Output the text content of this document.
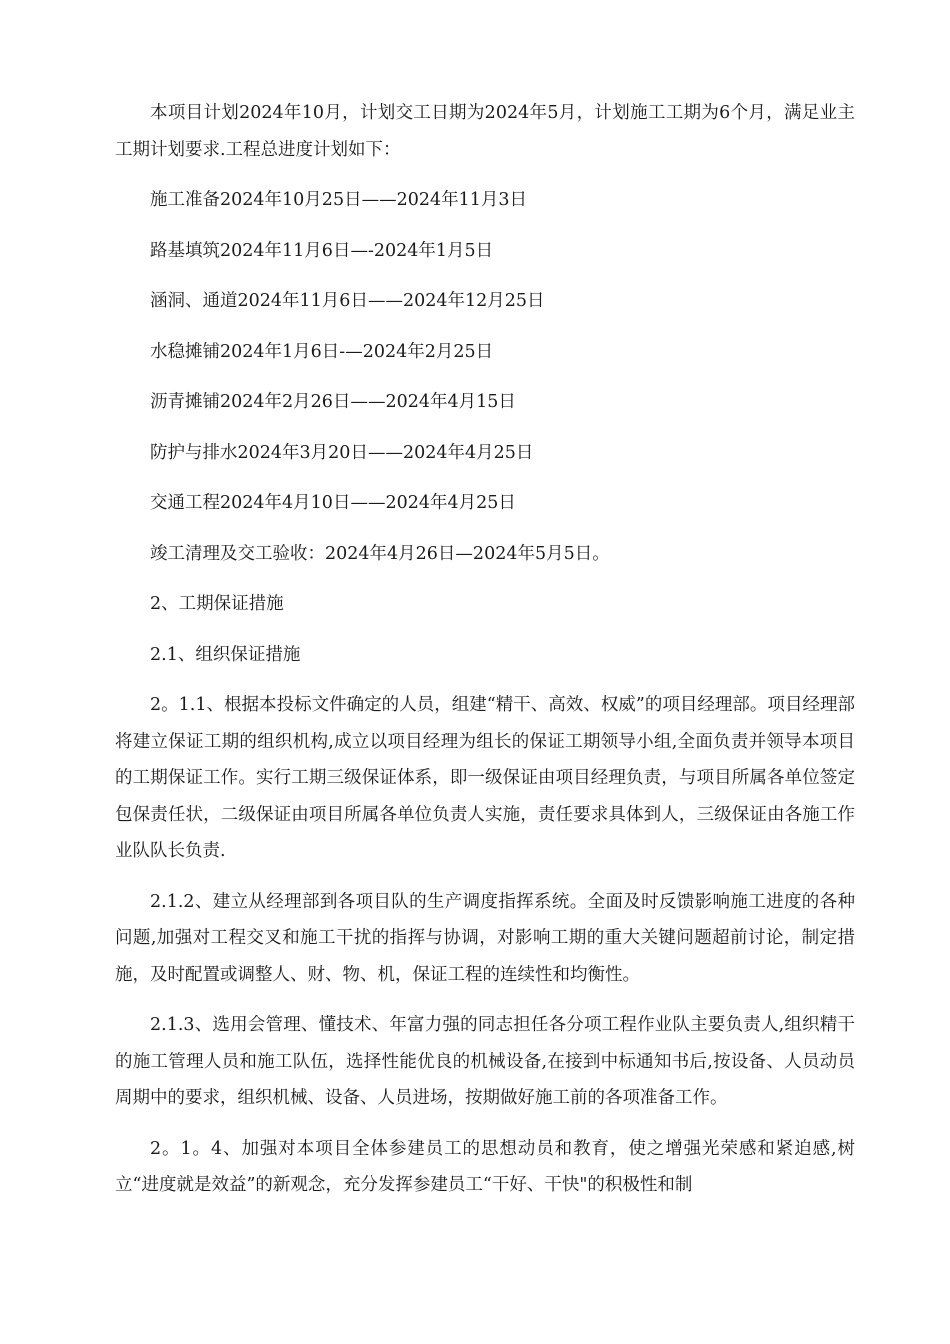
本项目计划2024年10月，计划交工日期为2024年5月，计划施工工期为6个月，满足业主工期计划要求.工程总进度计划如下：

施工准备2024年10月25日——2024年11月3日
路基填筑2024年11月6日—-2024年1月5日
涵洞、通道2024年11月6日——2024年12月25日
水稳摊铺2024年1月6日-—2024年2月25日
沥青摊铺2024年2月26日——2024年4月15日
防护与排水2024年3月20日——2024年4月25日
交通工程2024年4月10日——2024年4月25日
竣工清理及交工验收：2024年4月26日—2024年5月5日。
2、工期保证措施
2.1、组织保证措施

2。1.1、根据本投标文件确定的人员，组建“精干、高效、权威”的项目经理部。项目经理部将建立保证工期的组织机构,成立以项目经理为组长的保证工期领导小组,全面负责并领导本项目的工期保证工作。实行工期三级保证体系，即一级保证由项目经理负责，与项目所属各单位签定包保责任状，二级保证由项目所属各单位负责人实施，责任要求具体到人，三级保证由各施工作业队队长负责.

2.1.2、建立从经理部到各项目队的生产调度指挥系统。全面及时反馈影响施工进度的各种问题,加强对工程交叉和施工干扰的指挥与协调，对影响工期的重大关键问题超前讨论，制定措施，及时配置或调整人、财、物、机，保证工程的连续性和均衡性。

2.1.3、选用会管理、懂技术、年富力强的同志担任各分项工程作业队主要负责人,组织精干的施工管理人员和施工队伍，选择性能优良的机械设备,在接到中标通知书后,按设备、人员动员周期中的要求，组织机械、设备、人员进场，按期做好施工前的各项准备工作。

2。1。4、加强对本项目全体参建员工的思想动员和教育，使之增强光荣感和紧迫感,树立“进度就是效益”的新观念，充分发挥参建员工“干好、干快"的积极性和制
